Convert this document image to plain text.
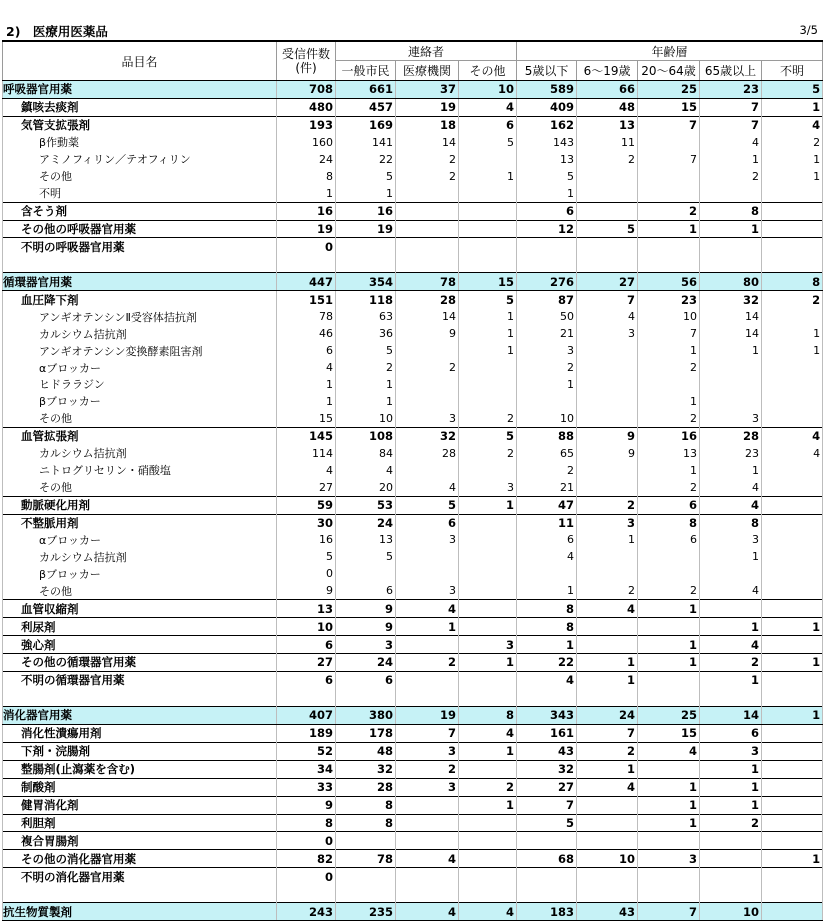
2)　医療用医薬品	3/5
品目名	受信件数
(件)	連絡者			年齢層				
		一般市民	医療機関	その他	5歳以下	6～19歳	20～64歳	65歳以上	不明
呼吸器官用薬	708	661	37	10	589	66	25	23	5
鎮咳去痰剤	480	457	19	4	409	48	15	7	1
気管支拡張剤	193	169	18	6	162	13	7	7	4
β作動薬	160	141	14	5	143	11		4	2
アミノフィリン／テオフィリン	24	22	2		13	2	7	1	1
その他	8	5	2	1	5			2	1
不明	1	1			1				
含そう剤	16	16			6		2	8	
その他の呼吸器官用薬	19	19			12	5	1	1	
不明の呼吸器官用薬	0								

循環器官用薬	447	354	78	15	276	27	56	80	8
血圧降下剤	151	118	28	5	87	7	23	32	2
アンギオテンシンⅡ受容体拮抗剤	78	63	14	1	50	4	10	14	
カルシウム拮抗剤	46	36	9	1	21	3	7	14	1
アンギオテンシン変換酵素阻害剤	6	5		1	3		1	1	1
αブロッカー	4	2	2		2		2		
ヒドララジン	1	1			1				
βブロッカー	1	1					1		
その他	15	10	3	2	10		2	3	
血管拡張剤	145	108	32	5	88	9	16	28	4
カルシウム拮抗剤	114	84	28	2	65	9	13	23	4
ニトログリセリン・硝酸塩	4	4			2		1	1	
その他	27	20	4	3	21		2	4	
動脈硬化用剤	59	53	5	1	47	2	6	4	
不整脈用剤	30	24	6		11	3	8	8	
αブロッカー	16	13	3		6	1	6	3	
カルシウム拮抗剤	5	5			4			1	
βブロッカー	0								
その他	9	6	3		1	2	2	4	
血管収縮剤	13	9	4		8	4	1		
利尿剤	10	9	1		8			1	1
強心剤	6	3		3	1		1	4	
その他の循環器官用薬	27	24	2	1	22	1	1	2	1
不明の循環器官用薬	6	6			4	1		1	

消化器官用薬	407	380	19	8	343	24	25	14	1
消化性潰瘍用剤	189	178	7	4	161	7	15	6	
下剤・浣腸剤	52	48	3	1	43	2	4	3	
整腸剤(止瀉薬を含む)	34	32	2		32	1		1	
制酸剤	33	28	3	2	27	4	1	1	
健胃消化剤	9	8		1	7		1	1	
利胆剤	8	8			5		1	2	
複合胃腸剤	0								
その他の消化器官用薬	82	78	4		68	10	3		1
不明の消化器官用薬	0								

抗生物質製剤	243	235	4	4	183	43	7	10	
